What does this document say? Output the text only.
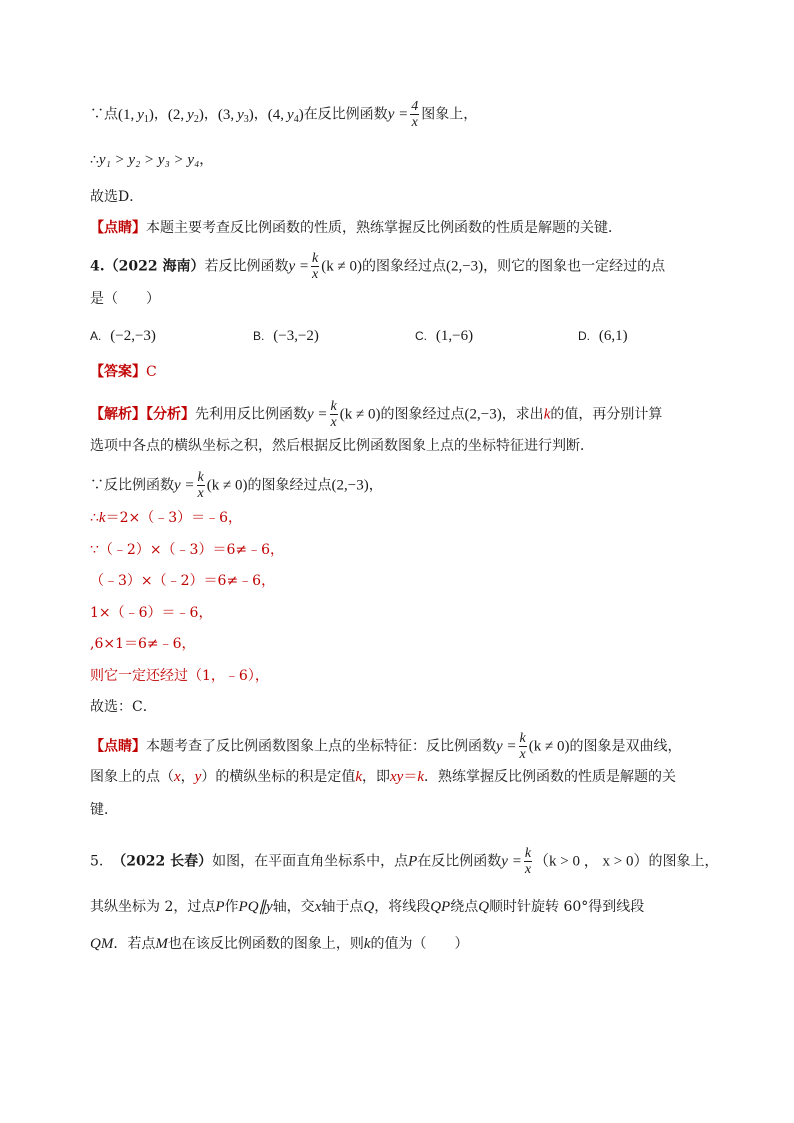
∵点(1, $y_1$)，(2, $y_2$)，(3, $y_3$)，(4, $y_4$)在反比例函数$y = \frac{4}{x}$ 图象上，
∴y₁ > y₂ > y₃ > y₄，
故选D．
【点睛】本题主要考查反比例函数的性质，熟练掌握反比例函数的性质是解题的关键．
4.（2022 海南）若反比例函数$y = \frac{k}{x} (k \ne 0)$的图象经过点(2,−3)，则它的图象也一定经过的点
是（　　）
A. (−2,−3)	B. (−3,−2)	C. (1,−6)	D. (6,1)
【答案】C
【解析】【分析】先利用反比例函数$y = \frac{k}{x} (k \ne 0)$的图象经过点(2,−3)，求出k的值，再分别计算
选项中各点的横纵坐标之积，然后根据反比例函数图象上点的坐标特征进行判断．
∵反比例函数$y = \frac{k}{x} (k \ne 0)$的图象经过点(2,−3)，
∴k＝2×（﹣3）＝﹣6，
∵（﹣2）×（﹣3）＝6≠﹣6，
（﹣3）×（﹣2）＝6≠﹣6，
1×（﹣6）＝﹣6，
,6×1＝6≠﹣6，
则它一定还经过（1，﹣6），
故选：C．
【点睛】本题考查了反比例函数图象上点的坐标特征：反比例函数$y = \frac{k}{x} (k \ne 0)$的图象是双曲线，
图象上的点（x，y）的横纵坐标的积是定值k，即xy＝k．熟练掌握反比例函数的性质是解题的关
键．
5. （2022 长春）如图，在平面直角坐标系中，点P在反比例函数$y = \frac{k}{x} (k > 0$ ， x > 0）的图象上，
其纵坐标为 2，过点P作PQ∥y轴，交x轴于点Q，将线段QP绕点Q顺时针旋转 60°得到线段
QM．若点M也在该反比例函数的图象上，则k的值为（　　）
